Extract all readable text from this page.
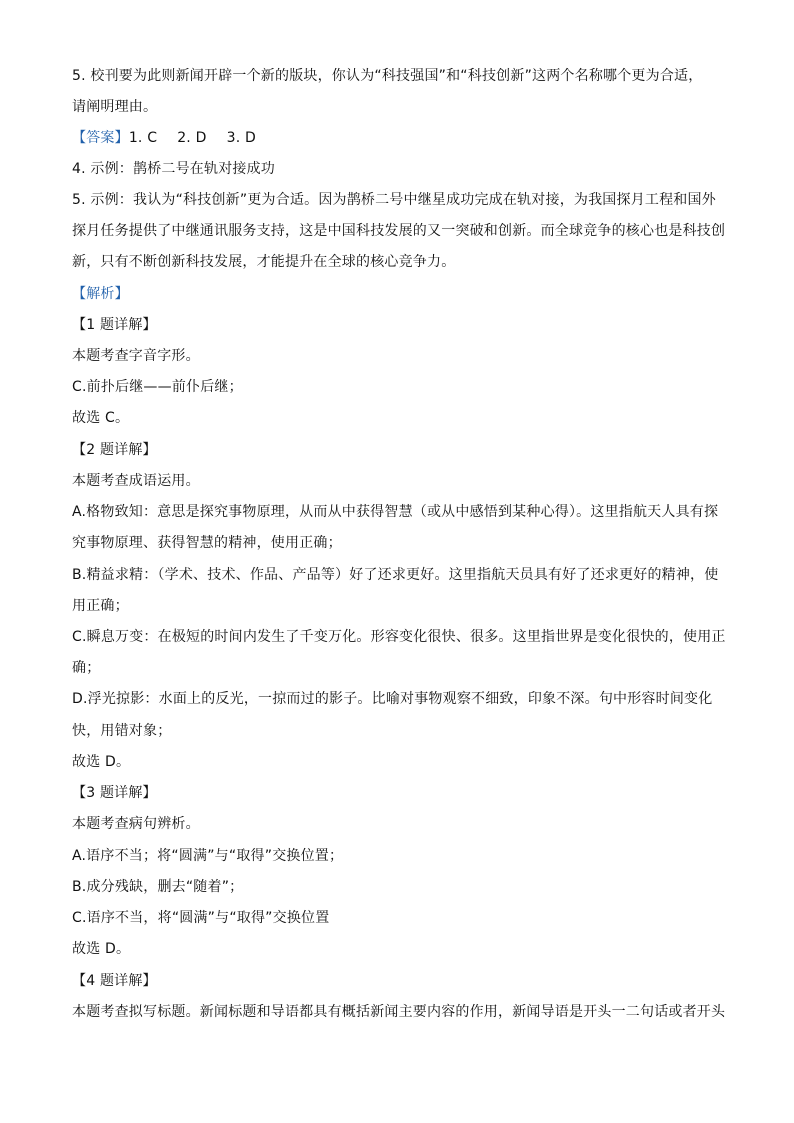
5. 校刊要为此则新闻开辟一个新的版块，你认为“科技强国”和“科技创新”这两个名称哪个更为合适，
请阐明理由。
【答案】1. C 2. D 3. D
4. 示例：鹊桥二号在轨对接成功
5. 示例：我认为“科技创新”更为合适。因为鹊桥二号中继星成功完成在轨对接，为我国探月工程和国外
探月任务提供了中继通讯服务支持，这是中国科技发展的又一突破和创新。而全球竞争的核心也是科技创
新，只有不断创新科技发展，才能提升在全球的核心竞争力。
【解析】
【1 题详解】
本题考查字音字形。
C.前扑后继——前仆后继；
故选 C。
【2 题详解】
本题考查成语运用。
A.格物致知：意思是探究事物原理，从而从中获得智慧（或从中感悟到某种心得）。这里指航天人具有探
究事物原理、获得智慧的精神，使用正确；
B.精益求精：（学术、技术、作品、产品等）好了还求更好。这里指航天员具有好了还求更好的精神，使
用正确；
C.瞬息万变：在极短的时间内发生了千变万化。形容变化很快、很多。这里指世界是变化很快的，使用正
确；
D.浮光掠影：水面上的反光，一掠而过的影子。比喻对事物观察不细致，印象不深。句中形容时间变化
快，用错对象；
故选 D。
【3 题详解】
本题考查病句辨析。
A.语序不当；将“圆满”与“取得”交换位置；
B.成分残缺，删去“随着”；
C.语序不当，将“圆满”与“取得”交换位置
故选 D。
【4 题详解】
本题考查拟写标题。新闻标题和导语都具有概括新闻主要内容的作用，新闻导语是开头一二句话或者开头
